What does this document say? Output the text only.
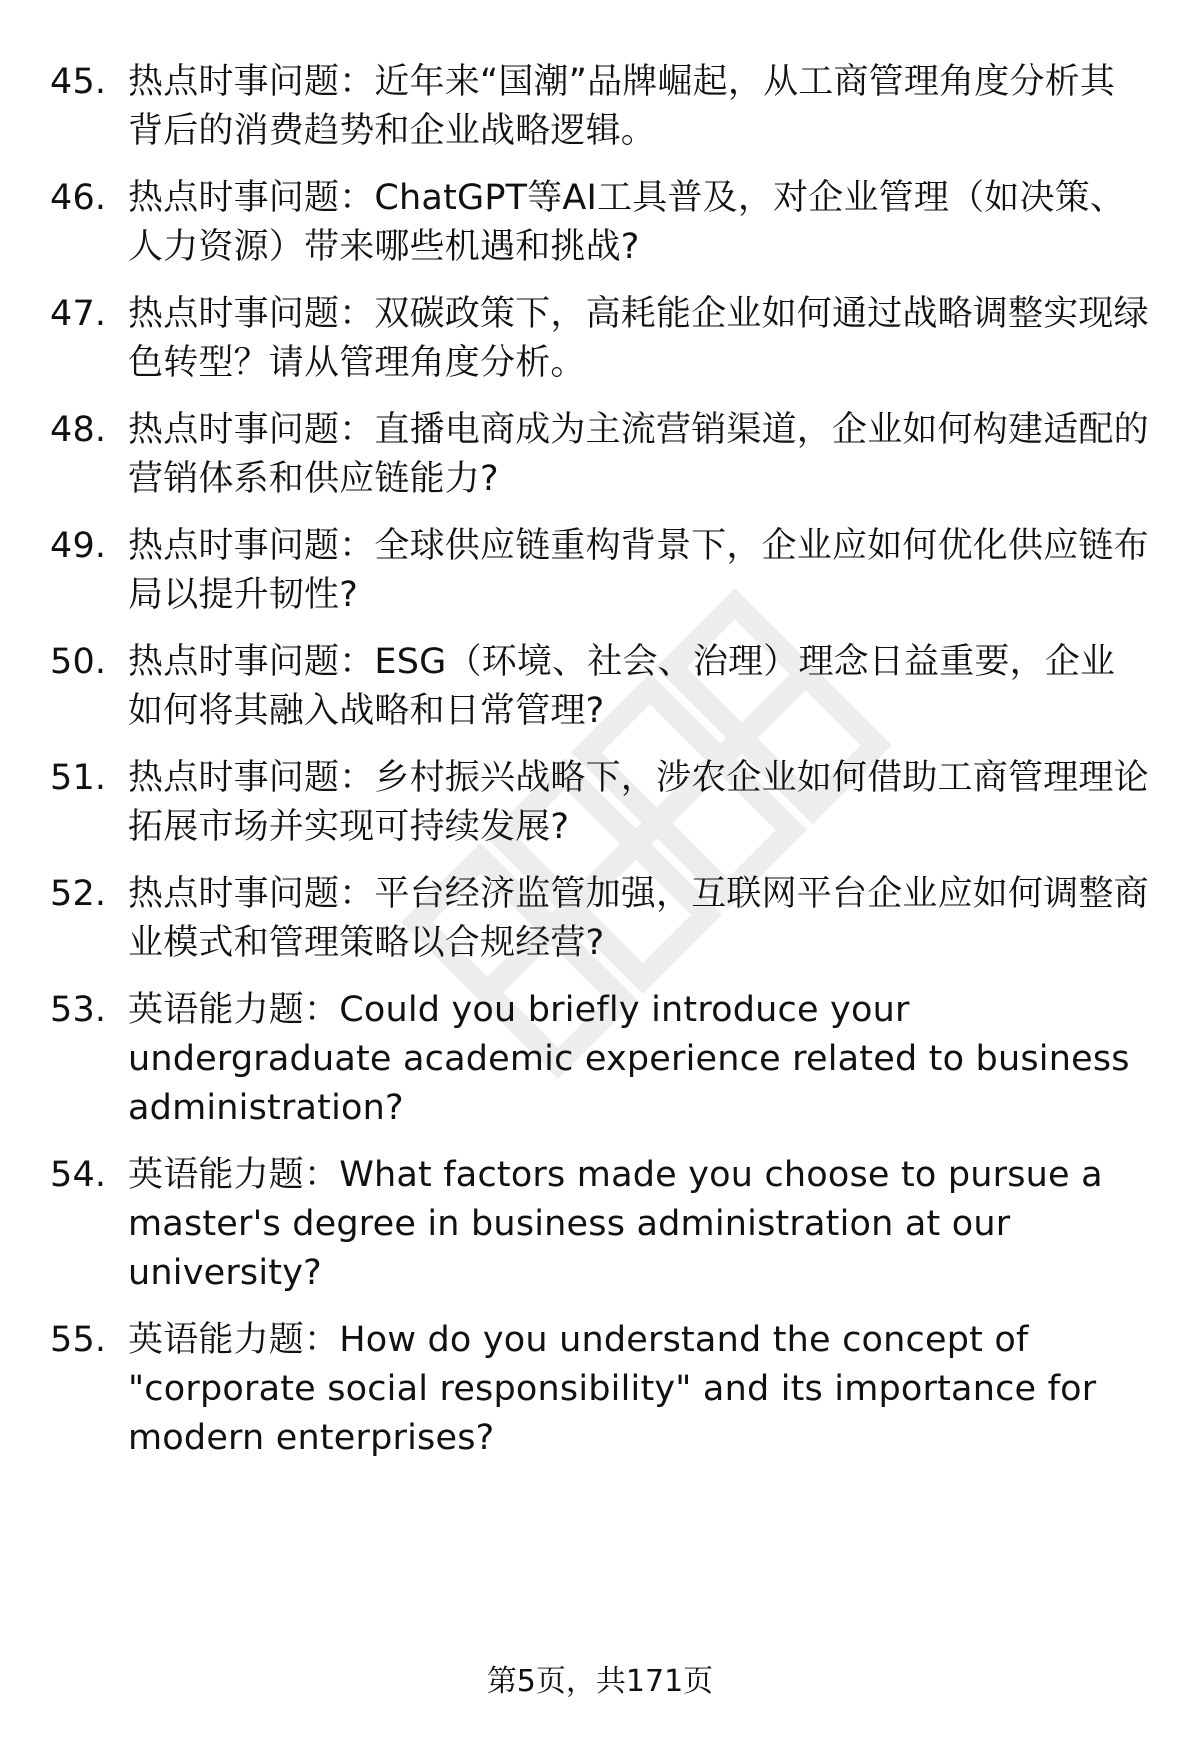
45. 热点时事问题：近年来“国潮”品牌崛起，从工商管理角度分析其背后的消费趋势和企业战略逻辑。
46. 热点时事问题：ChatGPT等AI工具普及，对企业管理（如决策、人力资源）带来哪些机遇和挑战?
47. 热点时事问题：双碳政策下，高耗能企业如何通过战略调整实现绿色转型？请从管理角度分析。
48. 热点时事问题：直播电商成为主流营销渠道，企业如何构建适配的营销体系和供应链能力?
49. 热点时事问题：全球供应链重构背景下，企业应如何优化供应链布局以提升韧性?
50. 热点时事问题：ESG（环境、社会、治理）理念日益重要，企业如何将其融入战略和日常管理?
51. 热点时事问题：乡村振兴战略下，涉农企业如何借助工商管理理论拓展市场并实现可持续发展?
52. 热点时事问题：平台经济监管加强，互联网平台企业应如何调整商业模式和管理策略以合规经营?
53. 英语能力题：Could you briefly introduce your undergraduate academic experience related to business administration?
54. 英语能力题：What factors made you choose to pursue a master's degree in business administration at our university?
55. 英语能力题：How do you understand the concept of "corporate social responsibility" and its importance for modern enterprises?
第5页，共171页
